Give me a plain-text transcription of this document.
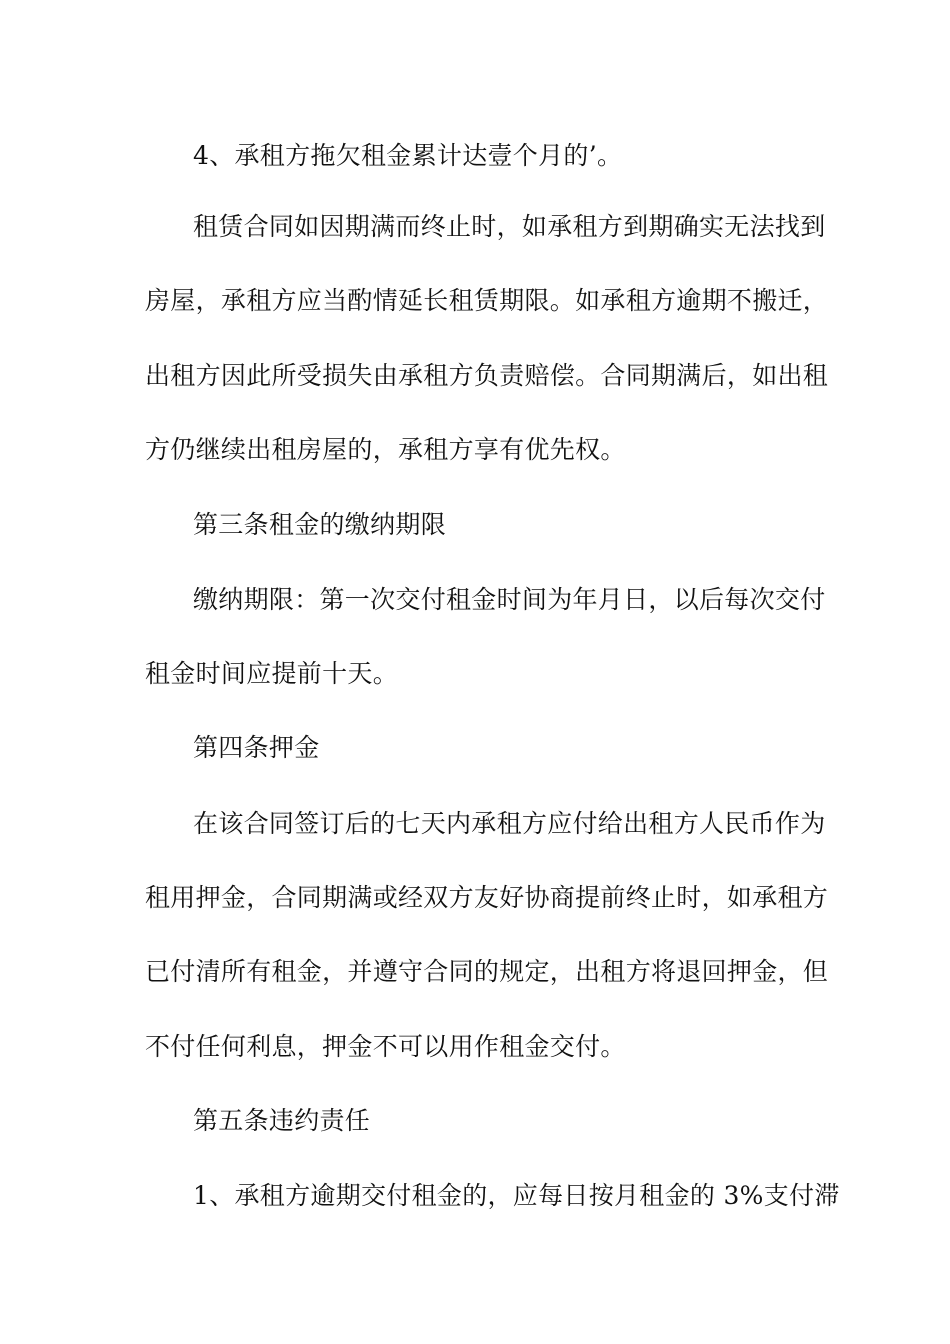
4、承租方拖欠租金累计达壹个月的’。
租赁合同如因期满而终止时，如承租方到期确实无法找到
房屋，承租方应当酌情延长租赁期限。如承租方逾期不搬迁，
出租方因此所受损失由承租方负责赔偿。合同期满后，如出租
方仍继续出租房屋的，承租方享有优先权。
第三条租金的缴纳期限
缴纳期限：第一次交付租金时间为年月日，以后每次交付
租金时间应提前十天。
第四条押金
在该合同签订后的七天内承租方应付给出租方人民币作为
租用押金，合同期满或经双方友好协商提前终止时，如承租方
已付清所有租金，并遵守合同的规定，出租方将退回押金，但
不付任何利息，押金不可以用作租金交付。
第五条违约责任
1、承租方逾期交付租金的，应每日按月租金的 3%支付滞
